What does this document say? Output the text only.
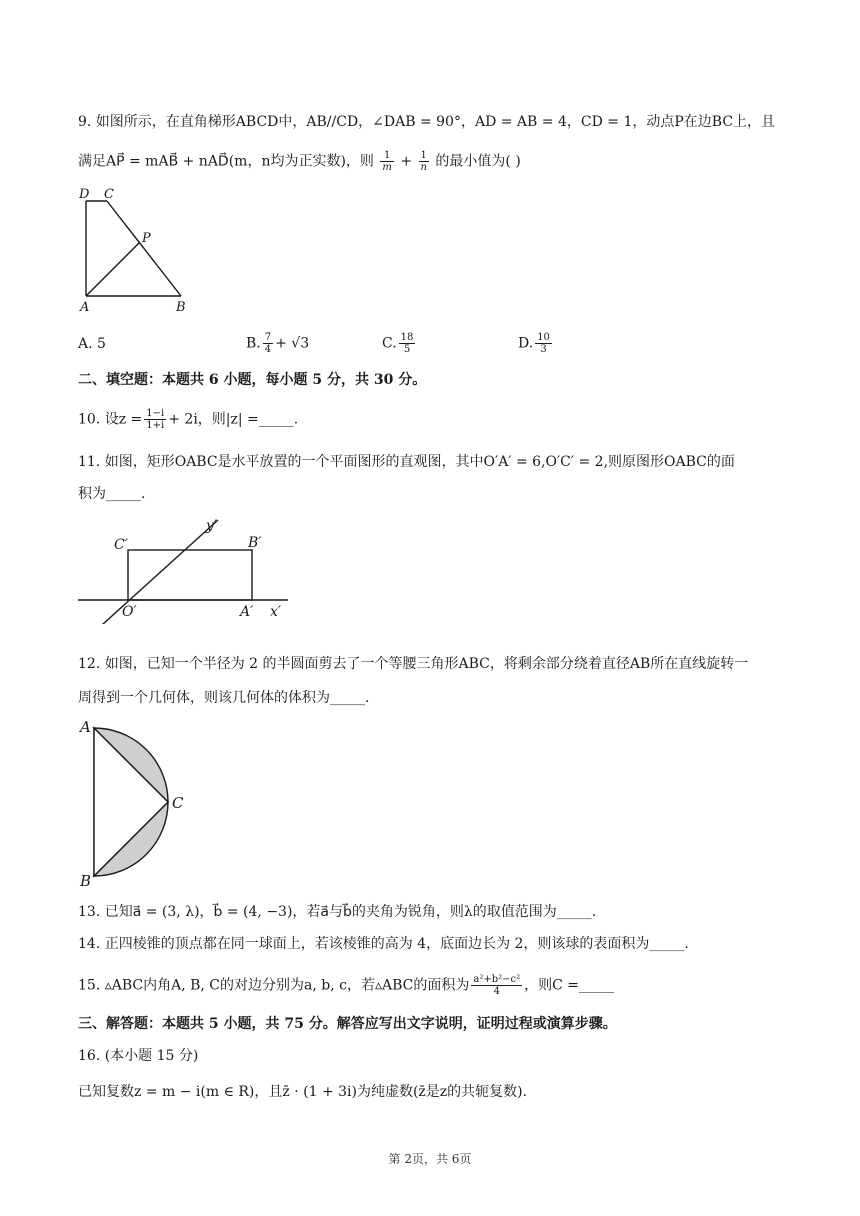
9. 如图所示，在直角梯形ABCD中，AB//CD，∠DAB = 90°，AD = AB = 4，CD = 1，动点P在边BC上，且
满足AP⃗ = mAB⃗ + nAD⃗(m，n均为正实数)，则 $\frac{1}{m} + \frac{1}{n}$ 的最小值为( )
D C
P
A	B
A. 5	B. $\frac{7}{4} + √3$	C. $\frac{18}{5}$	D. $\frac{10}{3}$
二、填空题：本题共 6 小题，每小题 5 分，共 30 分。
10. 设$z = \frac{1-i}{1+i} + 2i$，则|z| =_____.
11. 如图，矩形OABC是水平放置的一个平面图形的直观图，其中O′A′ = 6,O′C′ = 2,则原图形OABC的面
积为_____.
C′	B′
O′	A′ x′
y′
12. 如图，已知一个半径为 2 的半圆面剪去了一个等腰三角形ABC，将剩余部分绕着直径AB所在直线旋转一
周得到一个几何体，则该几何体的体积为_____.
A
B
C
13. 已知a⃗ = (3, λ)，b⃗ = (4, −3)，若a⃗与b⃗的夹角为锐角，则λ的取值范围为_____.
14. 正四棱锥的顶点都在同一球面上，若该棱锥的高为 4，底面边长为 2，则该球的表面积为_____.
15. ▵ABC内角A, B, C的对边分别为a, b, c，若▵ABC的面积为 $\frac{\text{a²+b²−c²}}{4}$ ，则C =_____
三、解答题：本题共 5 小题，共 75 分。解答应写出文字说明，证明过程或演算步骤。
16. (本小题 15 分)
已知复数z = m − i(m ∈ R)，且z̄ · (1 + 3i)为纯虚数(z̄是z的共轭复数).
第 2页，共 6页
